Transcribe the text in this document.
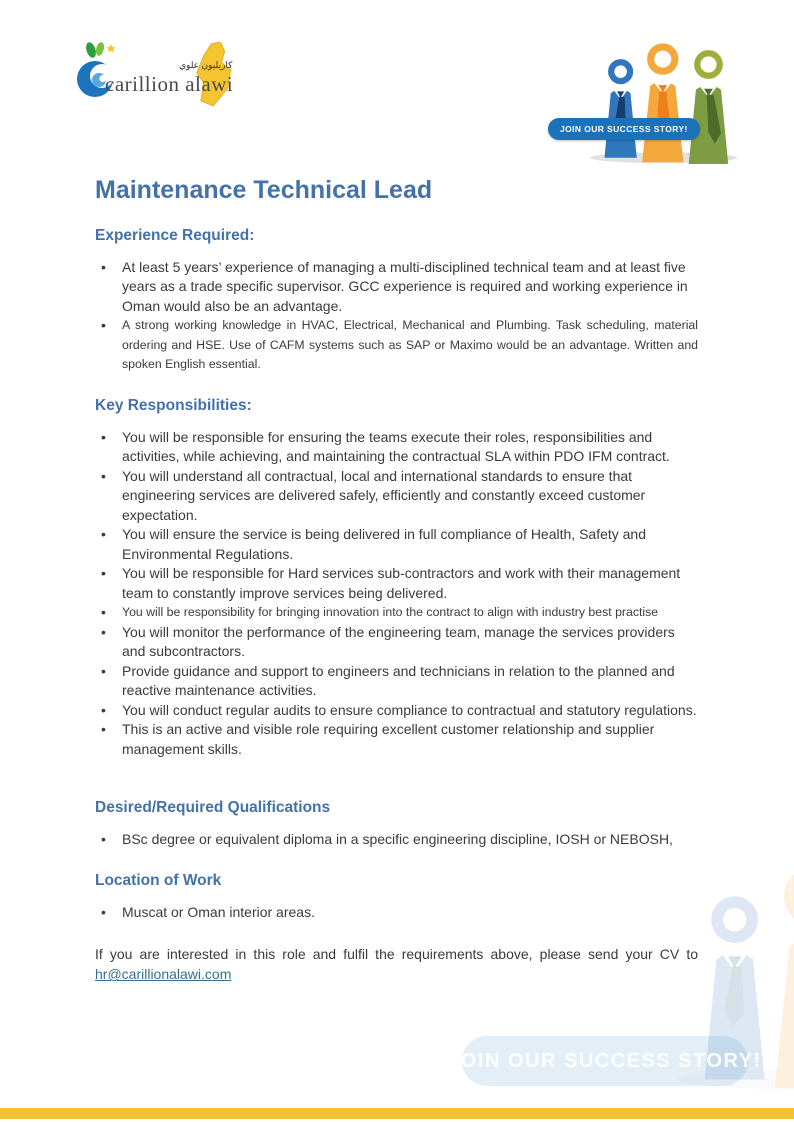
carillion alawi
كاريليون علوي
JOIN OUR SUCCESS STORY!
JOIN OUR SUCCESS STORY!
Maintenance Technical Lead
Experience Required:
• At least 5 years’ experience of managing a multi-disciplined technical team and at least five years as a trade specific supervisor. GCC experience is required and working experience in Oman would also be an advantage.
• A strong working knowledge in HVAC, Electrical, Mechanical and Plumbing. Task scheduling, material ordering and HSE. Use of CAFM systems such as SAP or Maximo would be an advantage. Written and spoken English essential.
Key Responsibilities:
• You will be responsible for ensuring the teams execute their roles, responsibilities and activities, while achieving, and maintaining the contractual SLA within PDO IFM contract.
• You will understand all contractual, local and international standards to ensure that engineering services are delivered safely, efficiently and constantly exceed customer expectation.
• You will ensure the service is being delivered in full compliance of Health, Safety and Environmental Regulations.
• You will be responsible for Hard services sub-contractors and work with their management team to constantly improve services being delivered.
• You will be responsibility for bringing innovation into the contract to align with industry best practise
• You will monitor the performance of the engineering team, manage the services providers and subcontractors.
• Provide guidance and support to engineers and technicians in relation to the planned and reactive maintenance activities.
• You will conduct regular audits to ensure compliance to contractual and statutory regulations.
• This is an active and visible role requiring excellent customer relationship and supplier management skills.
Desired/Required Qualifications
• BSc degree or equivalent diploma in a specific engineering discipline, IOSH or NEBOSH,
Location of Work
• Muscat or Oman interior areas.

If you are interested in this role and fulfil the requirements above, please send your CV to hr@carillionalawi.com
